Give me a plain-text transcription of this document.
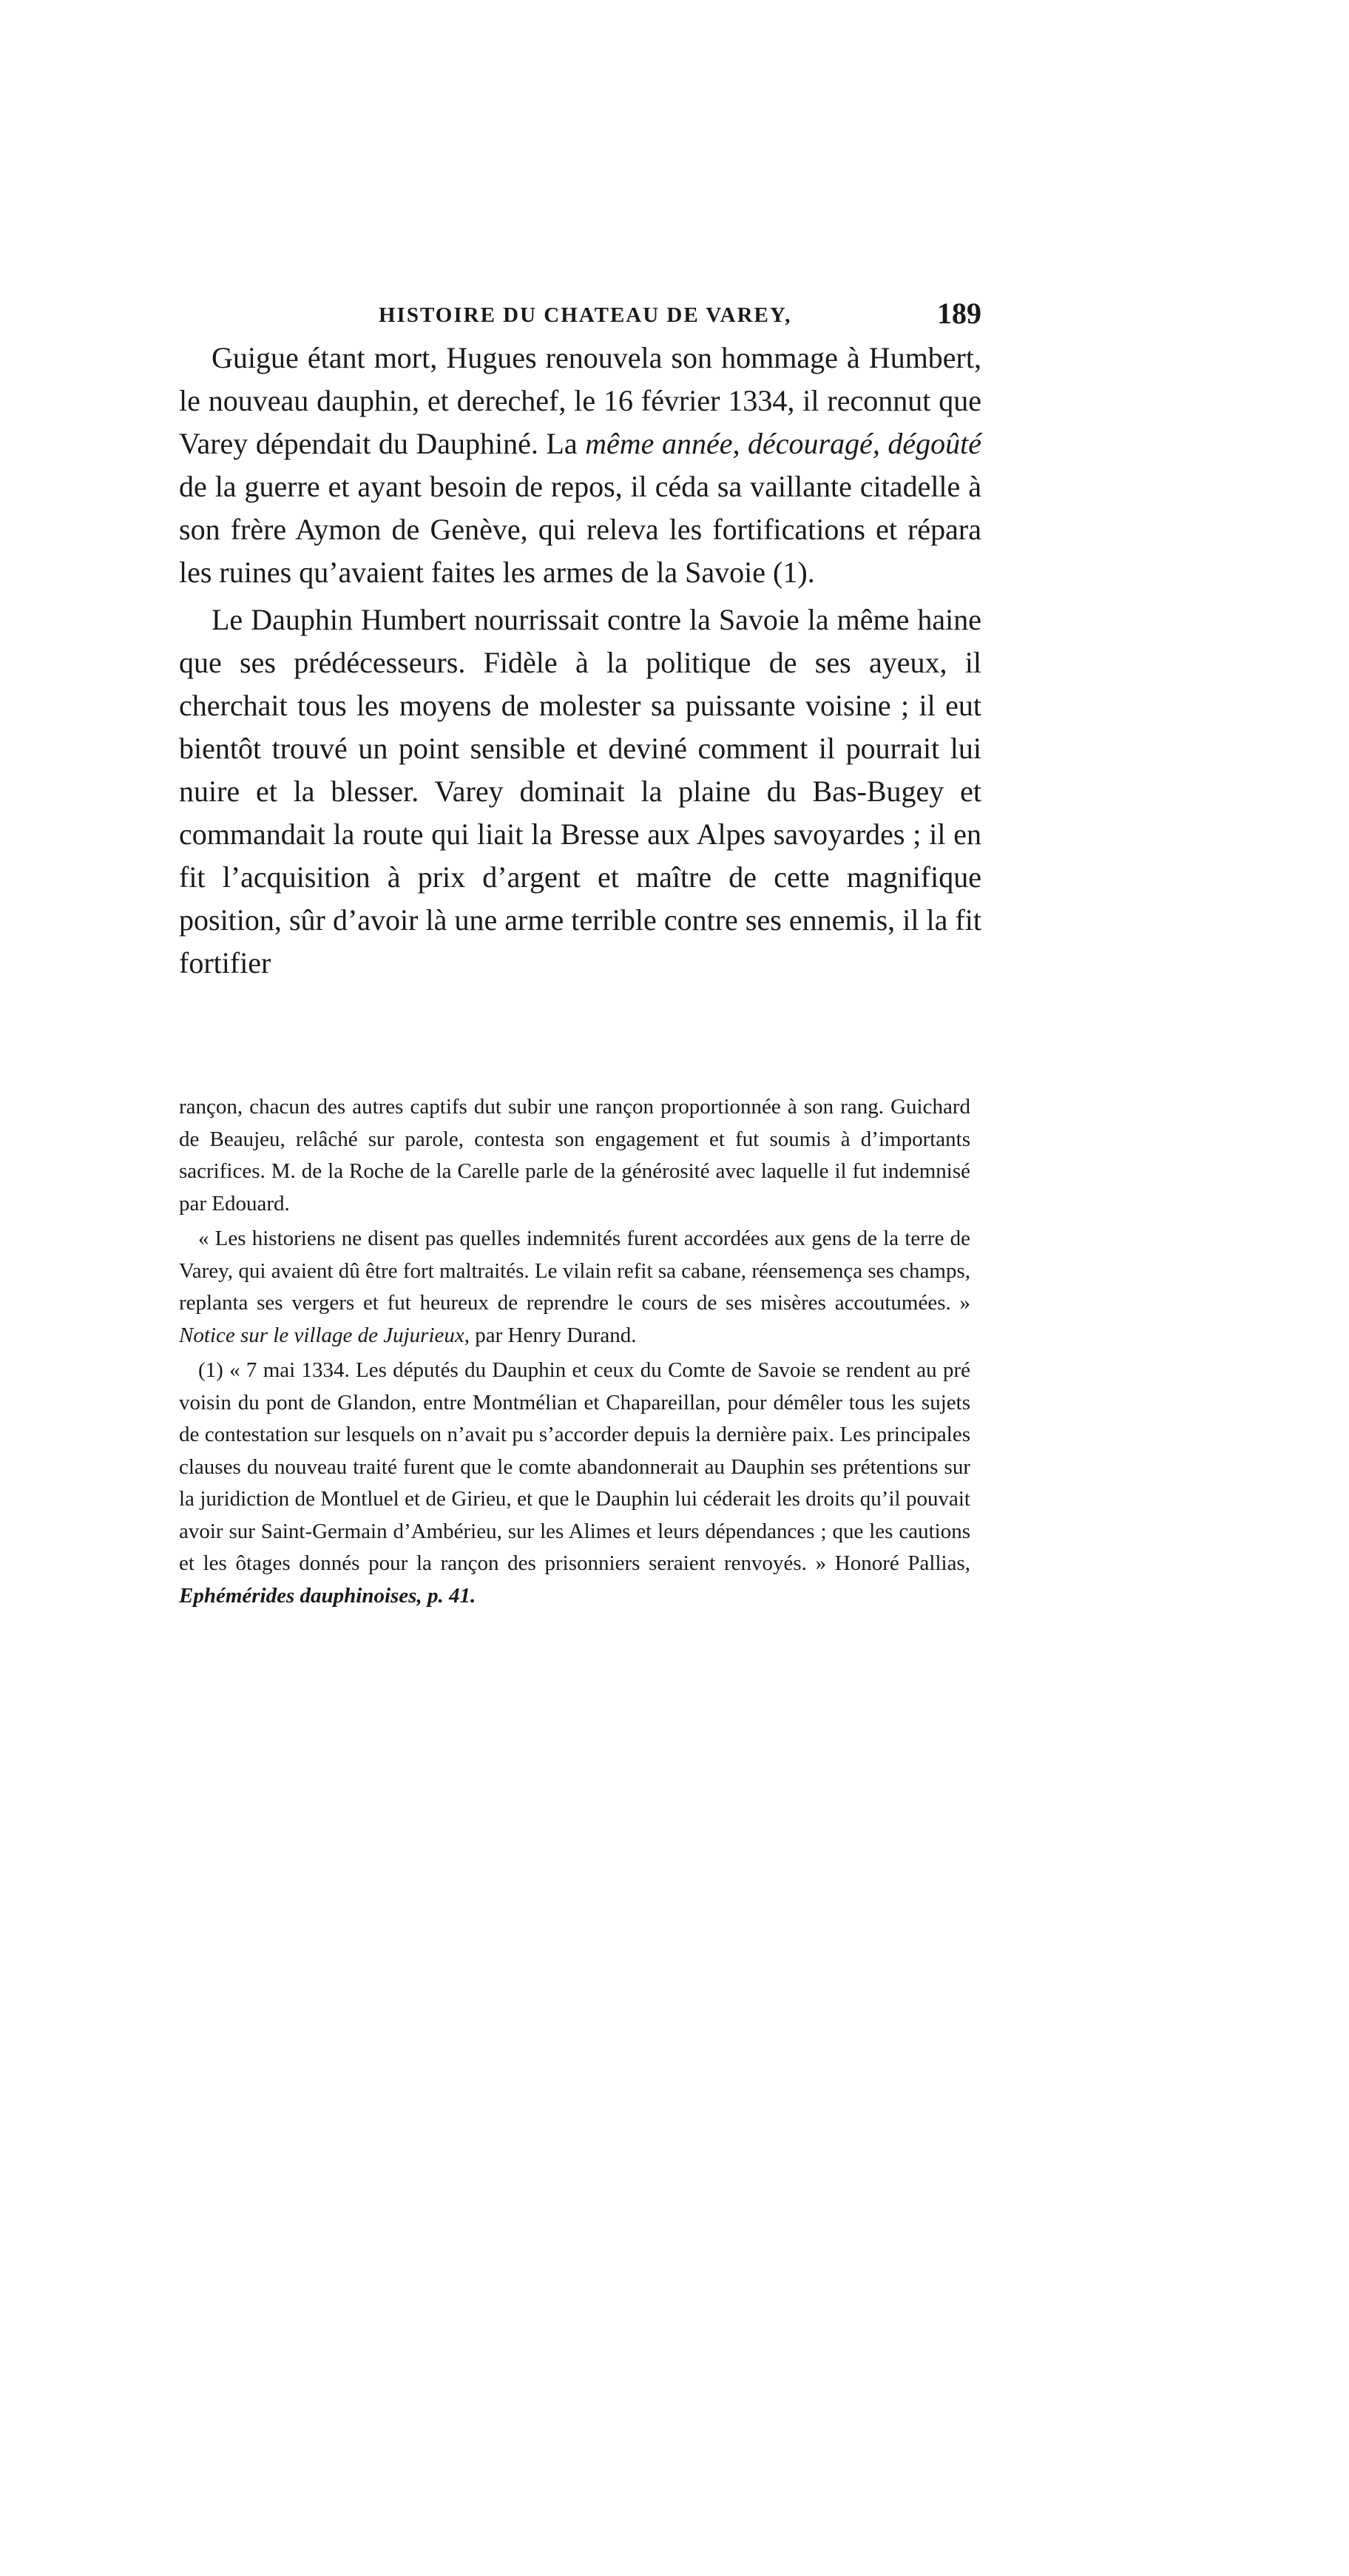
HISTOIRE DU CHATEAU DE VAREY,	189

Guigue étant mort, Hugues renouvela son hommage à Humbert, le nouveau dauphin, et derechef, le 16 février 1334, il reconnut que Varey dépendait du Dauphiné. La même année, découragé, dégoûté de la guerre et ayant besoin de repos, il céda sa vaillante citadelle à son frère Aymon de Genève, qui releva les fortifications et répara les ruines qu’avaient faites les armes de la Savoie (1).

Le Dauphin Humbert nourrissait contre la Savoie la même haine que ses prédécesseurs. Fidèle à la politique de ses ayeux, il cherchait tous les moyens de molester sa puissante voisine ; il eut bientôt trouvé un point sensible et deviné comment il pourrait lui nuire et la blesser. Varey dominait la plaine du Bas-Bugey et commandait la route qui liait la Bresse aux Alpes savoyardes ; il en fit l’acquisition à prix d’argent et maître de cette magnifique position, sûr d’avoir là une arme terrible contre ses ennemis, il la fit fortifier

rançon, chacun des autres captifs dut subir une rançon proportionnée à son rang. Guichard de Beaujeu, relâché sur parole, contesta son engagement et fut soumis à d’importants sacrifices. M. de la Roche de la Carelle parle de la générosité avec laquelle il fut indemnisé par Edouard.

« Les historiens ne disent pas quelles indemnités furent accordées aux gens de la terre de Varey, qui avaient dû être fort maltraités. Le vilain refit sa cabane, réensemença ses champs, replanta ses vergers et fut heureux de reprendre le cours de ses misères accoutumées. » Notice sur le village de Jujurieux, par Henry Durand.

(1) « 7 mai 1334. Les députés du Dauphin et ceux du Comte de Savoie se rendent au pré voisin du pont de Glandon, entre Montmélian et Chapareillan, pour démêler tous les sujets de contestation sur lesquels on n’avait pu s’accorder depuis la dernière paix. Les principales clauses du nouveau traité furent que le comte abandonnerait au Dauphin ses prétentions sur la juridiction de Montluel et de Girieu, et que le Dauphin lui céderait les droits qu’il pouvait avoir sur Saint-Germain d’Ambérieu, sur les Alimes et leurs dépendances ; que les cautions et les ôtages donnés pour la rançon des prisonniers seraient renvoyés. » Honoré Pallias, Ephémérides dauphinoises, p. 41.
